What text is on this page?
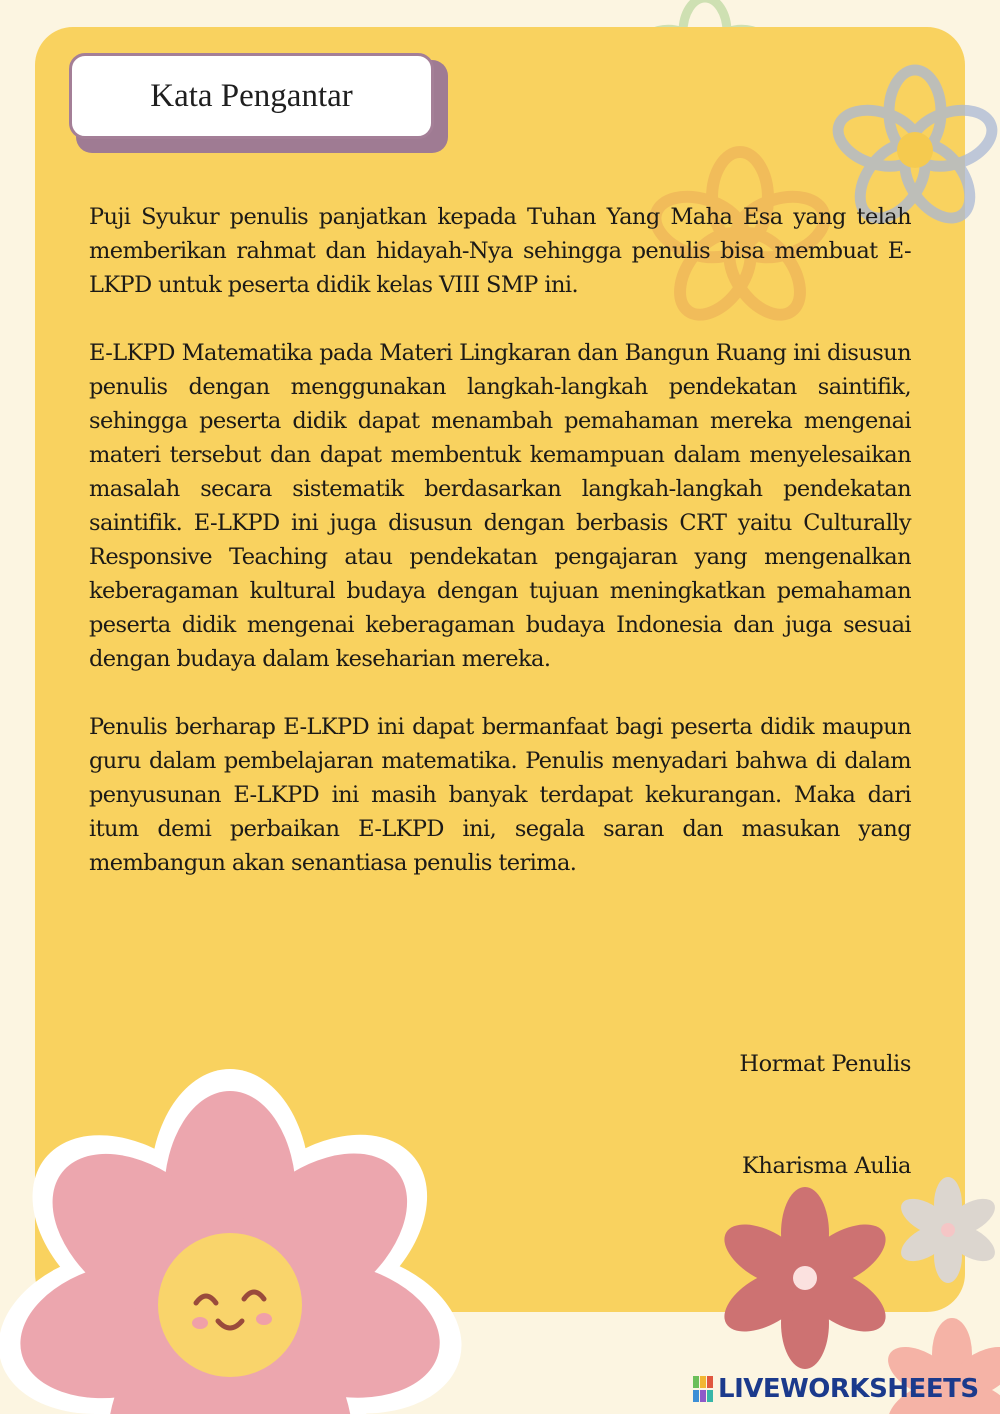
Kata Pengantar

Puji Syukur penulis panjatkan kepada Tuhan Yang Maha Esa yang telah memberikan rahmat dan hidayah-Nya sehingga penulis bisa membuat E-LKPD untuk peserta didik kelas VIII SMP ini.

E-LKPD Matematika pada Materi Lingkaran dan Bangun Ruang ini disusun penulis dengan menggunakan langkah-langkah pendekatan saintifik, sehingga peserta didik dapat menambah pemahaman mereka mengenai materi tersebut dan dapat membentuk kemampuan dalam menyelesaikan masalah secara sistematik berdasarkan langkah-langkah pendekatan saintifik. E-LKPD ini juga disusun dengan berbasis CRT yaitu Culturally Responsive Teaching atau pendekatan pengajaran yang mengenalkan keberagaman kultural budaya dengan tujuan meningkatkan pemahaman peserta didik mengenai keberagaman budaya Indonesia dan juga sesuai dengan budaya dalam keseharian mereka.

Penulis berharap E-LKPD ini dapat bermanfaat bagi peserta didik maupun guru dalam pembelajaran matematika. Penulis menyadari bahwa di dalam penyusunan E-LKPD ini masih banyak terdapat kekurangan. Maka dari itum demi perbaikan E-LKPD ini, segala saran dan masukan yang membangun akan senantiasa penulis terima.

Hormat Penulis
Kharisma Aulia
LIVEWORKSHEETS
